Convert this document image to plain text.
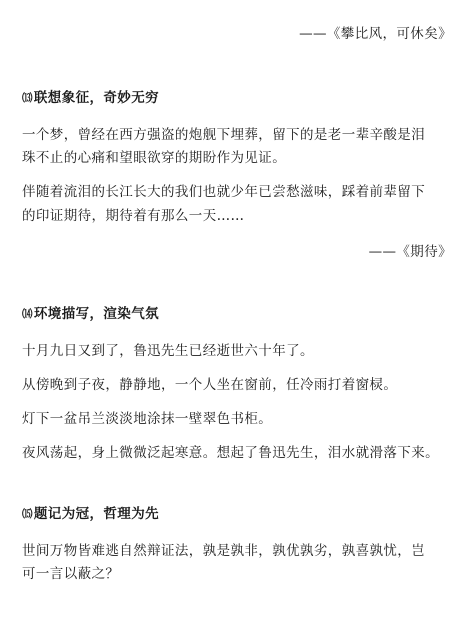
——《攀比风，可休矣》
⒀联想象征，奇妙无穷
一个梦，曾经在西方强盗的炮舰下埋葬，留下的是老一辈辛酸是泪
珠不止的心痛和望眼欲穿的期盼作为见证。
伴随着流泪的长江长大的我们也就少年已尝愁滋味，踩着前辈留下
的印证期待，期待着有那么一天……
——《期待》
⒁环境描写，渲染气氛
十月九日又到了，鲁迅先生已经逝世六十年了。
从傍晚到子夜，静静地，一个人坐在窗前，任冷雨打着窗棂。
灯下一盆吊兰淡淡地涂抹一壁翠色书柜。
夜风荡起，身上微微泛起寒意。想起了鲁迅先生，泪水就滑落下来。
⒂题记为冠，哲理为先
世间万物皆难逃自然辩证法，孰是孰非，孰优孰劣，孰喜孰忧，岂
可一言以蔽之？
